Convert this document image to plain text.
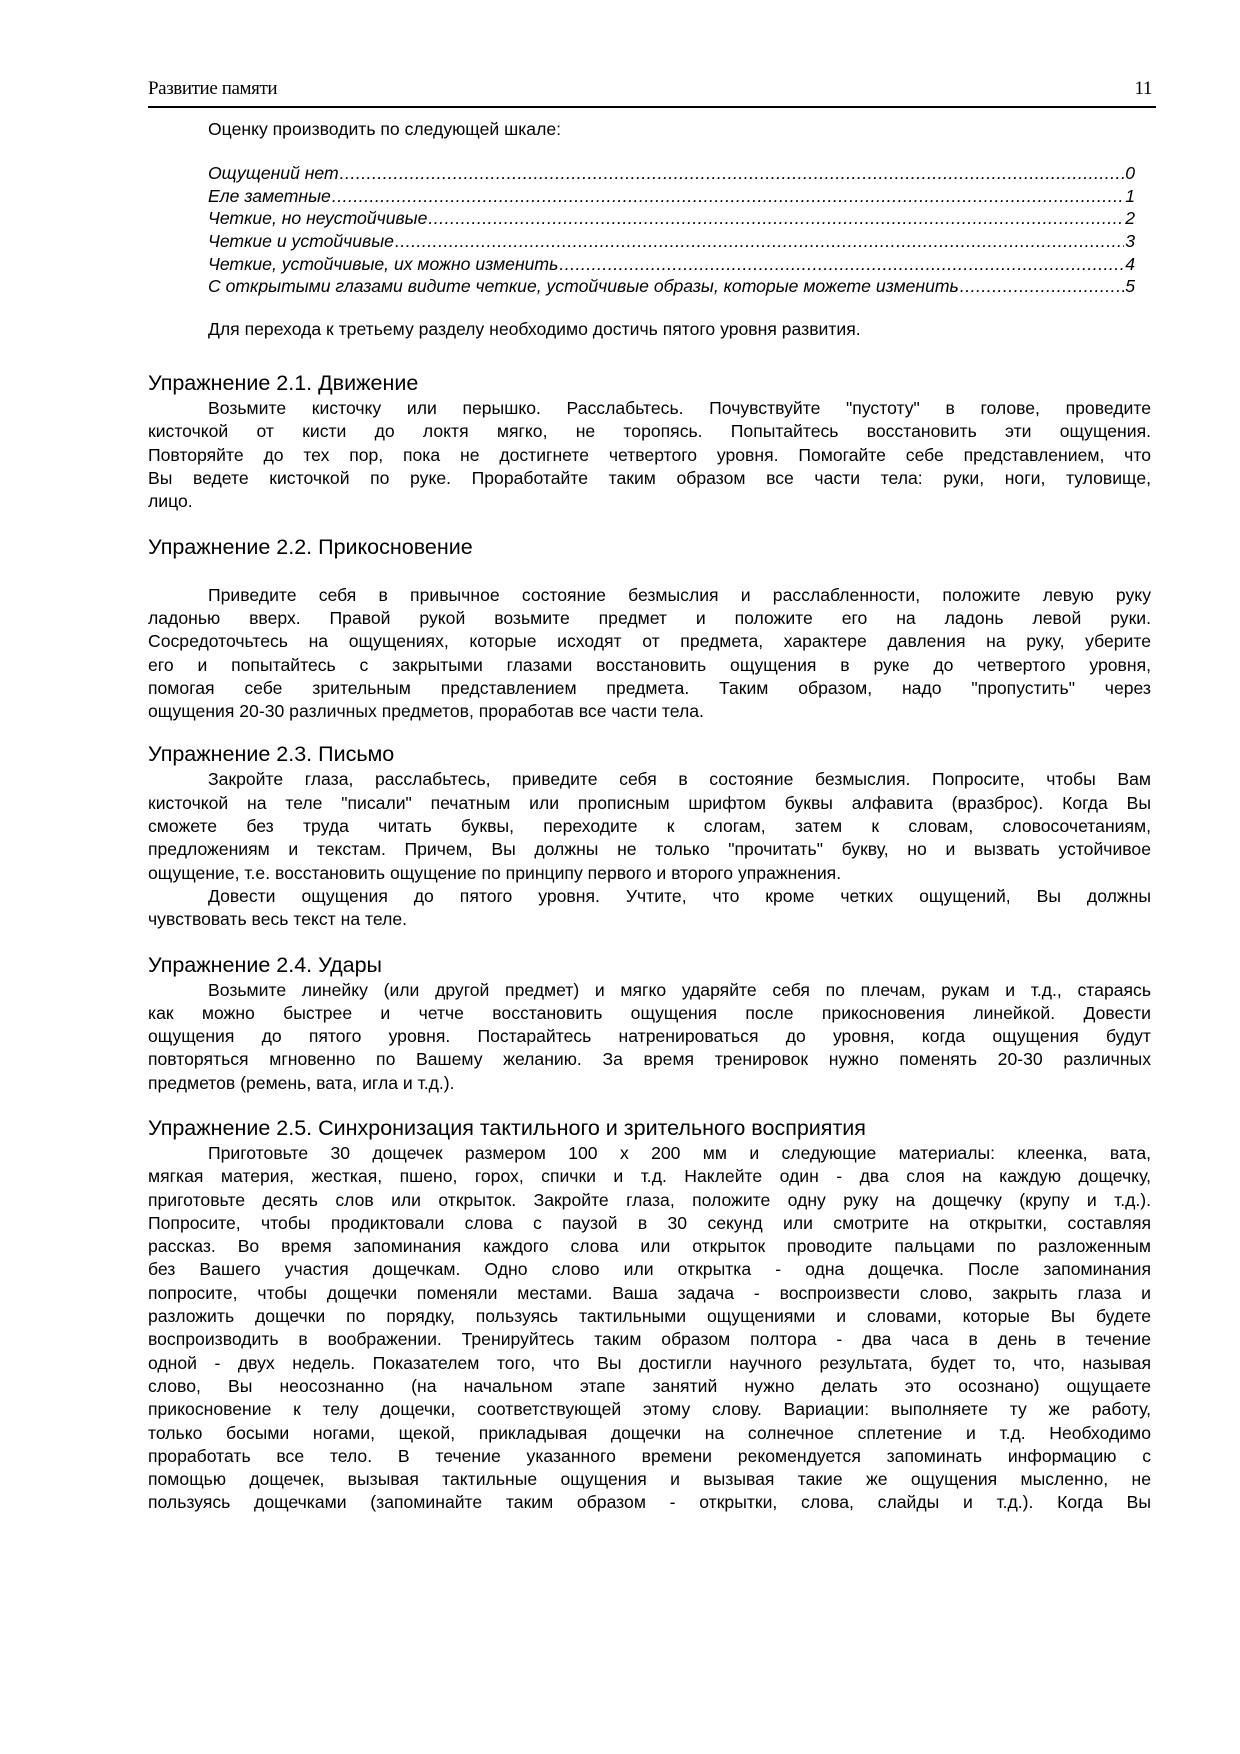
Развитие памяти	11
Оценку производить по следующей шкале:
Ощущений нет .....	0
Еле заметные .....	1
Четкие, но неустойчивые .....	2
Четкие и устойчивые .....	3
Четкие, устойчивые, их можно изменить .....	4
С открытыми глазами видите четкие, устойчивые образы, которые можете изменить .....	5
Для перехода к третьему разделу необходимо достичь пятого уровня развития.
Упражнение 2.1. Движение
Возьмите кисточку или перышко. Расслабьтесь. Почувствуйте "пустоту" в голове, проведите
кисточкой от кисти до локтя мягко, не торопясь. Попытайтесь восстановить эти ощущения.
Повторяйте до тех пор, пока не достигнете четвертого уровня. Помогайте себе представлением, что
Вы ведете кисточкой по руке. Проработайте таким образом все части тела: руки, ноги, туловище,
лицо.
Упражнение 2.2. Прикосновение
Приведите себя в привычное состояние безмыслия и расслабленности, положите левую руку
ладонью вверх. Правой рукой возьмите предмет и положите его на ладонь левой руки.
Сосредоточьтесь на ощущениях, которые исходят от предмета, характере давления на руку, уберите
его и попытайтесь с закрытыми глазами восстановить ощущения в руке до четвертого уровня,
помогая себе зрительным представлением предмета. Таким образом, надо "пропустить" через
ощущения 20-30 различных предметов, проработав все части тела.
Упражнение 2.3. Письмо
Закройте глаза, расслабьтесь, приведите себя в состояние безмыслия. Попросите, чтобы Вам
кисточкой на теле "писали" печатным или прописным шрифтом буквы алфавита (вразброс). Когда Вы
сможете без труда читать буквы, переходите к слогам, затем к словам, словосочетаниям,
предложениям и текстам. Причем, Вы должны не только "прочитать" букву, но и вызвать устойчивое
ощущение, т.е. восстановить ощущение по принципу первого и второго упражнения.
Довести ощущения до пятого уровня. Учтите, что кроме четких ощущений, Вы должны
чувствовать весь текст на теле.
Упражнение 2.4. Удары
Возьмите линейку (или другой предмет) и мягко ударяйте себя по плечам, рукам и т.д., стараясь
как можно быстрее и четче восстановить ощущения после прикосновения линейкой. Довести
ощущения до пятого уровня. Постарайтесь натренироваться до уровня, когда ощущения будут
повторяться мгновенно по Вашему желанию. За время тренировок нужно поменять 20-30 различных
предметов (ремень, вата, игла и т.д.).
Упражнение 2.5. Синхронизация тактильного и зрительного восприятия
Приготовьте 30 дощечек размером 100 х 200 мм и следующие материалы: клеенка, вата,
мягкая материя, жесткая, пшено, горох, спички и т.д. Наклейте один - два слоя на каждую дощечку,
приготовьте десять слов или открыток. Закройте глаза, положите одну руку на дощечку (крупу и т.д.).
Попросите, чтобы продиктовали слова с паузой в 30 секунд или смотрите на открытки, составляя
рассказ. Во время запоминания каждого слова или открыток проводите пальцами по разложенным
без Вашего участия дощечкам. Одно слово или открытка - одна дощечка. После запоминания
попросите, чтобы дощечки поменяли местами. Ваша задача - воспроизвести слово, закрыть глаза и
разложить дощечки по порядку, пользуясь тактильными ощущениями и словами, которые Вы будете
воспроизводить в воображении. Тренируйтесь таким образом полтора - два часа в день в течение
одной - двух недель. Показателем того, что Вы достигли научного результата, будет то, что, называя
слово, Вы неосознанно (на начальном этапе занятий нужно делать это осознано) ощущаете
прикосновение к телу дощечки, соответствующей этому слову. Вариации: выполняете ту же работу,
только босыми ногами, щекой, прикладывая дощечки на солнечное сплетение и т.д. Необходимо
проработать все тело. В течение указанного времени рекомендуется запоминать информацию с
помощью дощечек, вызывая тактильные ощущения и вызывая такие же ощущения мысленно, не
пользуясь дощечками (запоминайте таким образом - открытки, слова, слайды и т.д.). Когда Вы
